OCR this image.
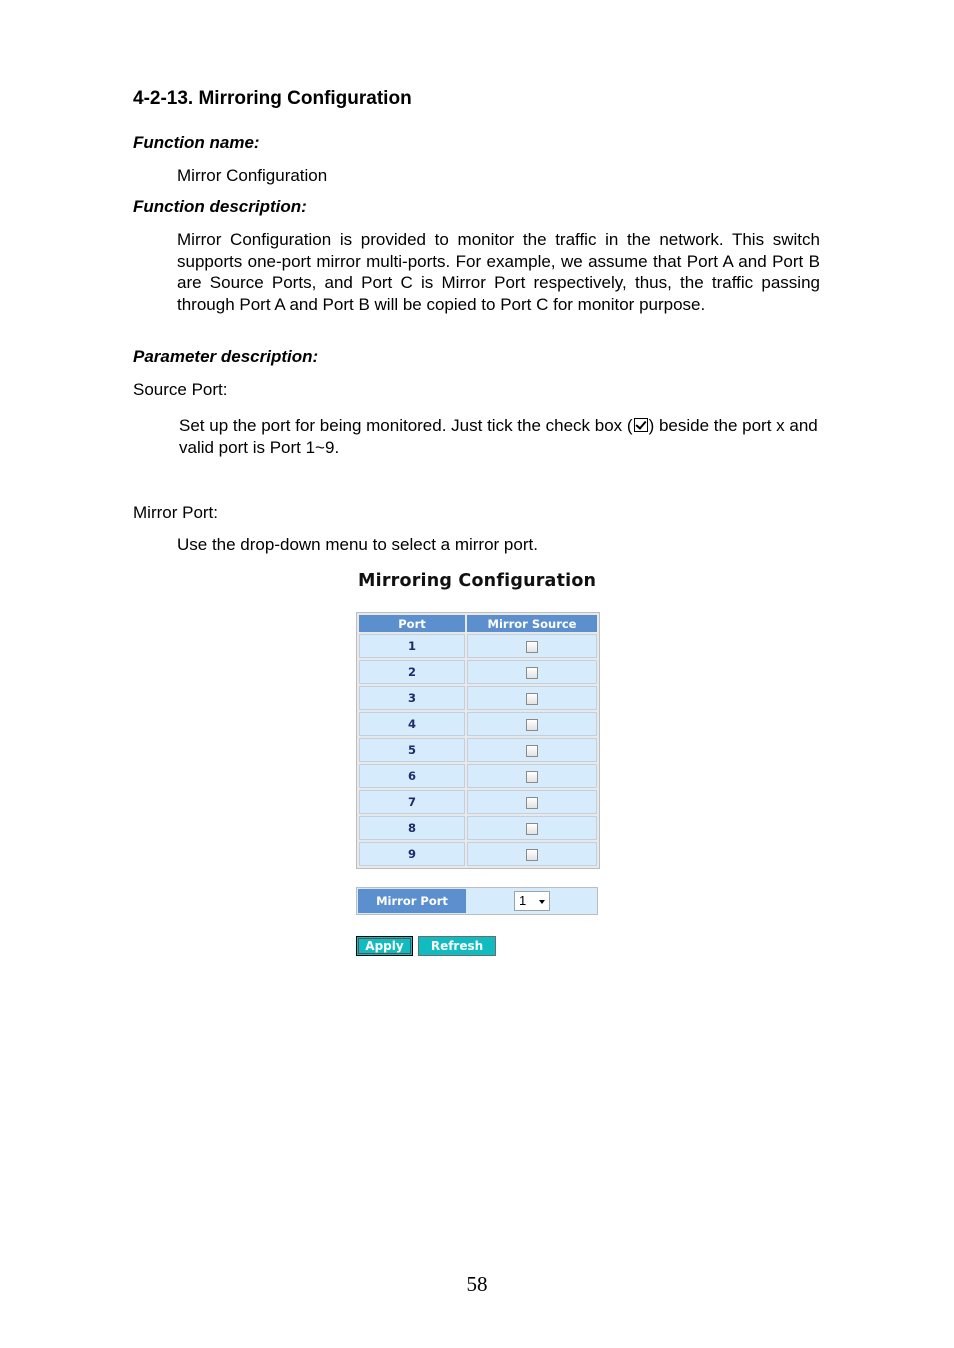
4-2-13. Mirroring Configuration
Function name:
Mirror Configuration
Function description:
Mirror Configuration is provided to monitor the traffic in the network. This switch supports one-port mirror multi-ports. For example, we assume that Port A and Port B are Source Ports, and Port C is Mirror Port respectively, thus, the traffic passing through Port A and Port B will be copied to Port C for monitor purpose.
Parameter description:
Source Port:
Set up the port for being monitored. Just tick the check box ( ) beside the port x and valid port is Port 1~9.
Mirror Port:
Use the drop-down menu to select a mirror port.
Mirroring Configuration
Port	Mirror Source
1	
2	
3	
4	
5	
6	
7	
8	
9	
Mirror Port	1
Apply	Refresh
58
